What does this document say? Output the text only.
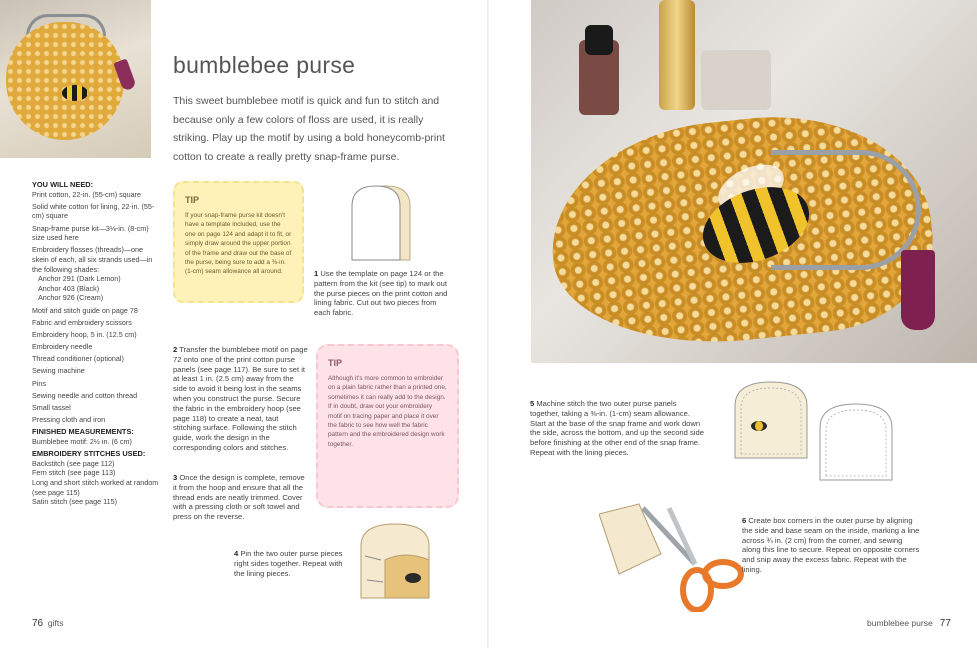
bumblebee purse

This sweet bumblebee motif is quick and fun to stitch and because only a few colors of floss are used, it is really striking. Play up the motif by using a bold honeycomb-print cotton to create a really pretty snap-frame purse.

YOU WILL NEED:
Print cotton, 22-in. (55-cm) square
Solid white cotton for lining, 22-in. (55-cm) square
Snap-frame purse kit—3⅛-in. (8-cm) size used here
Embroidery flosses (threads)—one skein of each, all six strands used—in the following shades:
Anchor 291 (Dark Lemon)
Anchor 403 (Black)
Anchor 926 (Cream)
Motif and stitch guide on page 78
Fabric and embroidery scissors
Embroidery hoop, 5 in. (12.5 cm)
Embroidery needle
Thread conditioner (optional)
Sewing machine
Pins
Sewing needle and cotton thread
Small tassel
Pressing cloth and iron
FINISHED MEASUREMENTS:
Bumblebee motif: 2½ in. (6 cm)
EMBROIDERY STITCHES USED:
Backstitch (see page 112)
Fern stitch (see page 113)
Long and short stitch worked at random (see page 115)
Satin stitch (see page 115)
TIP
If your snap-frame purse kit doesn't have a template included, use the one on page 124 and adapt it to fit, or simply draw around the upper portion of the frame and draw out the base of the purse, being sure to add a ⅜-in. (1-cm) seam allowance all around.	1 Use the template on page 124 or the pattern from the kit (see tip) to mark out the purse pieces on the print cotton and lining fabric. Cut out two pieces from each fabric.
2 Transfer the bumblebee motif on page 72 onto one of the print cotton purse panels (see page 117). Be sure to set it at least 1 in. (2.5 cm) away from the side to avoid it being lost in the seams when you construct the purse. Secure the fabric in the embroidery hoop (see page 118) to create a neat, taut stitching surface. Following the stitch guide, work the design in the corresponding colors and stitches.
3 Once the design is complete, remove it from the hoop and ensure that all the thread ends are neatly trimmed. Cover with a pressing cloth or soft towel and press on the reverse.
TIP
Although it's more common to embroider on a plain fabric rather than a printed one, sometimes it can really add to the design. If in doubt, draw out your embroidery motif on tracing paper and place it over the fabric to see how well the fabric pattern and the embroidered design work together.
4 Pin the two outer purse pieces right sides together. Repeat with the lining pieces.
76 gifts
5 Machine stitch the two outer purse panels together, taking a ⅜-in. (1-cm) seam allowance. Start at the base of the snap frame and work down the side, across the bottom, and up the second side before finishing at the other end of the snap frame. Repeat with the lining pieces.
6 Create box corners in the outer purse by aligning the side and base seam on the inside, marking a line across ¾ in. (2 cm) from the corner, and sewing along this line to secure. Repeat on opposite corners and snip away the excess fabric. Repeat with the lining.
bumblebee purse 77
